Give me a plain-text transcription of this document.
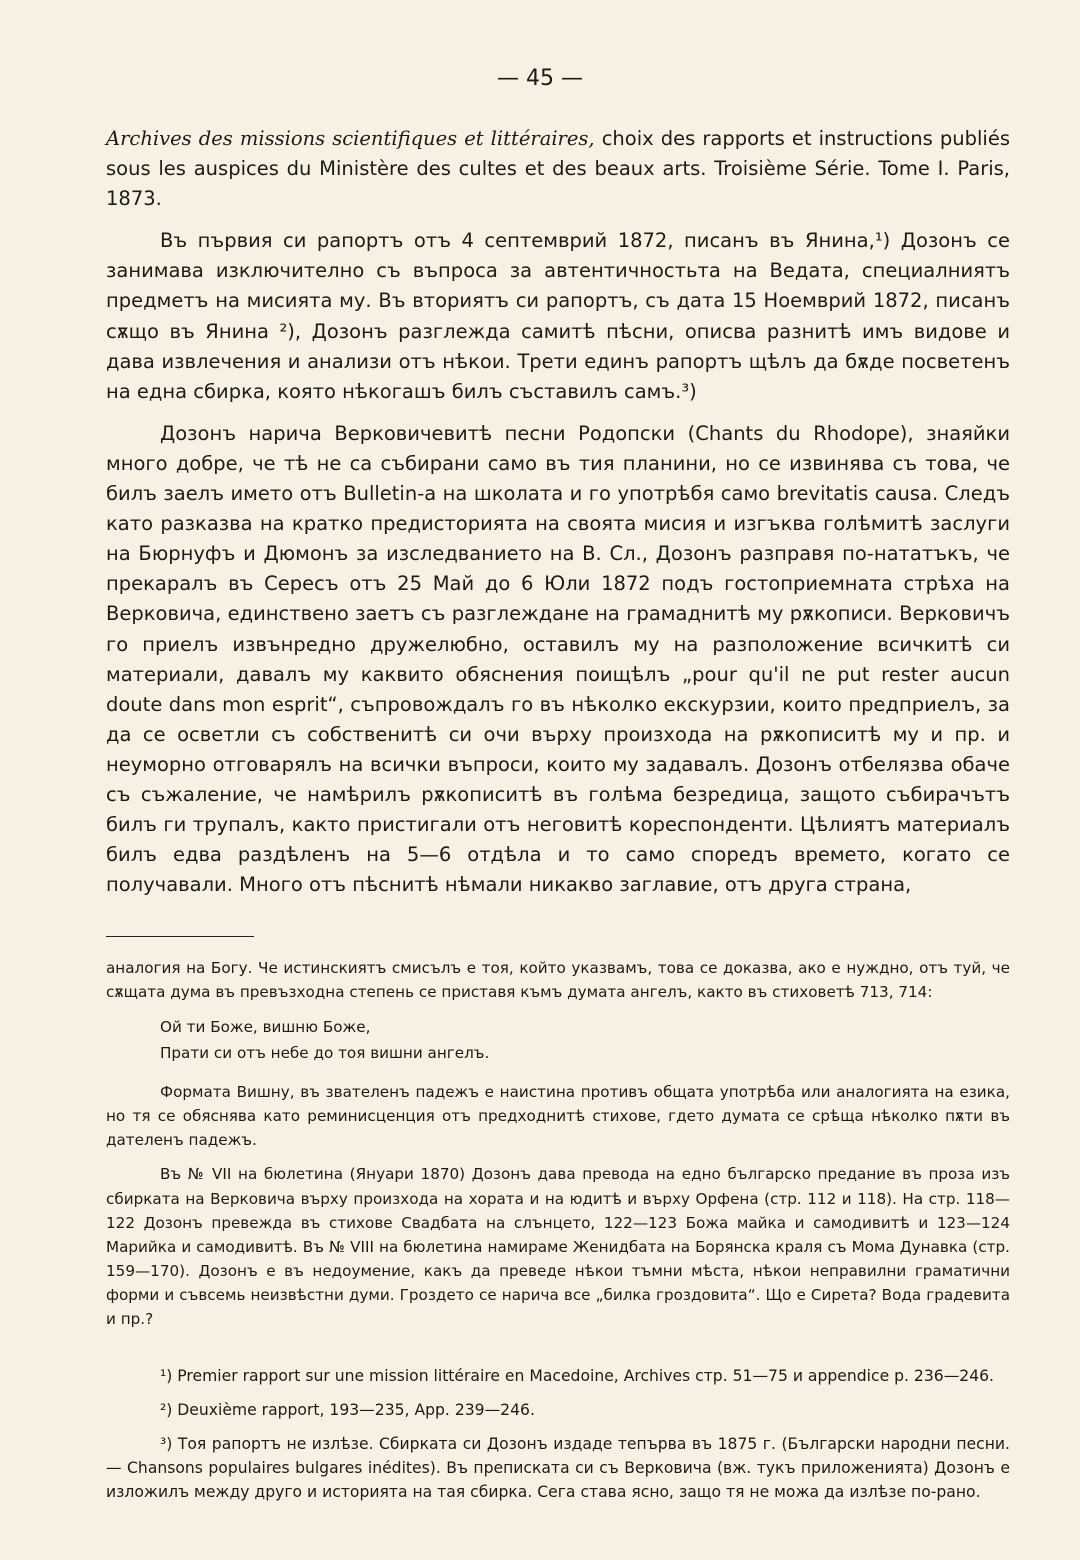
— 45 —

Archives des missions scientifiques et littéraires, choix des rapports et instructions publiés sous les auspices du Ministère des cultes et des beaux arts. Troisième Série. Tome I. Paris, 1873.

Въ първия си рапортъ отъ 4 септемврий 1872, писанъ въ Янина,¹) Дозонъ се занимава изключително съ въпроса за автентичностьта на Ведата, специалниятъ предметъ на мисията му. Въ вториятъ си рапортъ, съ дата 15 Ноемврий 1872, писанъ сѫщо въ Янина ²), Дозонъ разглежда самитѣ пѣсни, описва разнитѣ имъ видове и дава извлечения и анализи отъ нѣкои. Трети единъ рапортъ щѣлъ да бѫде посветенъ на една сбирка, която нѣкогашъ билъ съставилъ самъ.³)

Дозонъ нарича Верковичевитѣ песни Родопски (Chants du Rhodope), знаяйки много добре, че тѣ не са събирани само въ тия планини, но се извинява съ това, че билъ заелъ името отъ Bulletin-а на школата и го употрѣбя само brevitatis causa. Следъ като разказва на кратко предисторията на своята мисия и изгъква голѣмитѣ заслуги на Бюрнуфъ и Дюмонъ за изследванието на В. Сл., Дозонъ разправя по-нататъкъ, че прекаралъ въ Сересъ отъ 25 Май до 6 Юли 1872 подъ гостоприемната стрѣха на Верковича, единствено заетъ съ разглеждане на грамаднитѣ му рѫкописи. Верковичъ го приелъ извънредно дружелюбно, оставилъ му на разположение всичкитѣ си материали, давалъ му каквито обяснения поищѣлъ „pour qu'il ne put rester aucun doute dans mon esprit“, съпровождалъ го въ нѣколко екскурзии, които предприелъ, за да се осветли съ собственитѣ си очи върху произхода на рѫкописитѣ му и пр. и неуморно отговарялъ на всички въпроси, които му задавалъ. Дозонъ отбелязва обаче съ съжаление, че намѣрилъ рѫкописитѣ въ голѣма безредица, защото събирачътъ билъ ги трупалъ, както пристигали отъ неговитѣ кореспонденти. Цѣлиятъ материалъ билъ едва раздѣленъ на 5—6 отдѣла и то само споредъ времето, когато се получавали. Много отъ пѣснитѣ нѣмали никакво заглавие, отъ друга страна,

аналогия на Богу. Че истинскиятъ смисълъ е тоя, който указвамъ, това се доказва, ако е нуждно, отъ туй, че сѫщата дума въ превъзходна степень се приставя къмъ думата ангелъ, както въ стиховетѣ 713, 714:

Ой ти Боже, вишню Боже,
Прати си отъ небе до тоя вишни ангелъ.

Формата Вишну, въ звателенъ падежъ е наистина противъ общата употрѣба или аналогията на езика, но тя се обяснява като реминисценция отъ предходнитѣ стихове, гдето думата се срѣща нѣколко пѫти въ дателенъ падежъ.

Въ № VII на бюлетина (Януари 1870) Дозонъ дава превода на едно българско предание въ проза изъ сбирката на Верковича върху произхода на хората и на юдитѣ и върху Орфена (стр. 112 и 118). На стр. 118—122 Дозонъ превежда въ стихове Свадбата на слънцето, 122—123 Божа майка и самодивитѣ и 123—124 Марийка и самодивитѣ. Въ № VIII на бюлетина намираме Женидбата на Борянска краля съ Мома Дунавка (стр. 159—170). Дозонъ е въ недоумение, какъ да преведе нѣкои тъмни мѣста, нѣкои неправилни граматични форми и съвсемь неизвѣстни думи. Гроздето се нарича все „билка гроздовита“. Що е Сирета? Вода градевита и пр.?

¹) Premier rapport sur une mission littéraire en Macedoine, Archives стр. 51—75 и appendice p. 236—246.

²) Deuxième rapport, 193—235, App. 239—246.

³) Тоя рапортъ не излѣзе. Сбирката си Дозонъ издаде тепърва въ 1875 г. (Български народни песни. — Chansons populaires bulgares inédites). Въ преписката си съ Верковича (вж. тукъ приложенията) Дозонъ е изложилъ между друго и историята на тая сбирка. Сега става ясно, защо тя не можа да излѣзе по-рано.
